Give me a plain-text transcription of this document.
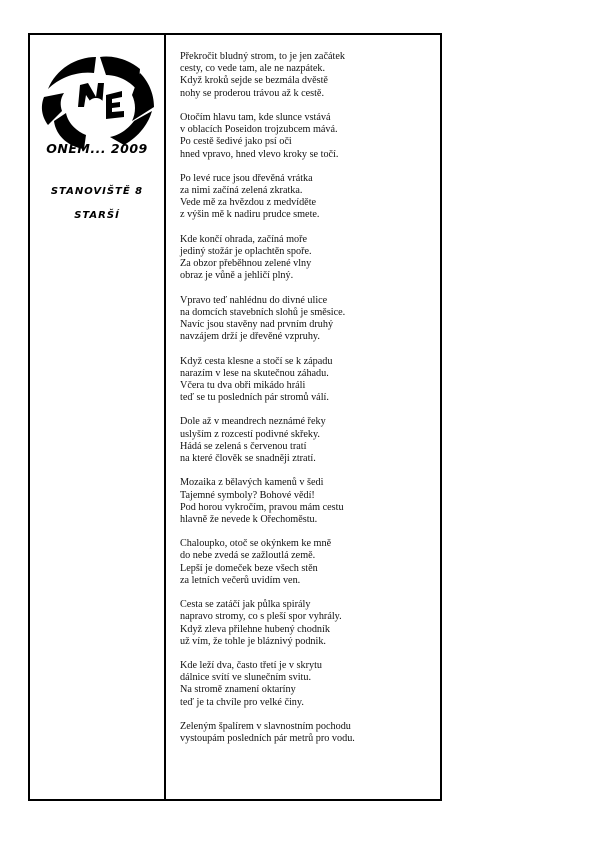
ONEM... 2009

STANOVIŠTĚ 8

STARŠÍ

Překročit bludný strom, to je jen začátek
cesty, co vede tam, ale ne nazpátek.
Když kroků sejde se bezmála dvěstě
nohy se proderou trávou až k cestě.

Otočím hlavu tam, kde slunce vstává
v oblacích Poseidon trojzubcem mává.
Po cestě šedivé jako psí oči
hned vpravo, hned vlevo kroky se točí.

Po levé ruce jsou dřevěná vrátka
za nimi začíná zelená zkratka.
Vede mě za hvězdou z medvíděte
z výšin mě k nadiru prudce smete.

Kde končí ohrada, začíná moře
jediný stožár je oplachtěn spoře.
Za obzor přeběhnou zelené vlny
obraz je vůně a jehličí plný.

Vpravo teď nahlédnu do divné ulice
na domcích stavebních slohů je směsice.
Navíc jsou stavěny nad prvním druhý
navzájem drží je dřevěné vzpruhy.

Když cesta klesne a stočí se k západu
narazím v lese na skutečnou záhadu.
Včera tu dva obři mikádo hráli
teď se tu posledních pár stromů válí.

Dole až v meandrech neznámé řeky
uslyším z rozcestí podivné skřeky.
Hádá se zelená s červenou tratí
na které člověk se snadněji ztratí.

Mozaika z bělavých kamenů v šedi
Tajemné symboly? Bohové vědí!
Pod horou vykročím, pravou mám cestu
hlavně že nevede k Ořechoměstu.

Chaloupko, otoč se okýnkem ke mně
do nebe zvedá se zažloutlá země.
Lepší je domeček beze všech stěn
za letních večerů uvidím ven.

Cesta se zatáčí jak půlka spirály
napravo stromy, co s pleší spor vyhrály.
Když zleva přilehne hubený chodník
už vím, že tohle je bláznivý podnik.

Kde leží dva, často třetí je v skrytu
dálnice svítí ve slunečním svitu.
Na stromě znamení oktaríny
teď je ta chvíle pro velké činy.

Zeleným špalírem v slavnostním pochodu
vystoupám posledních pár metrů pro vodu.
